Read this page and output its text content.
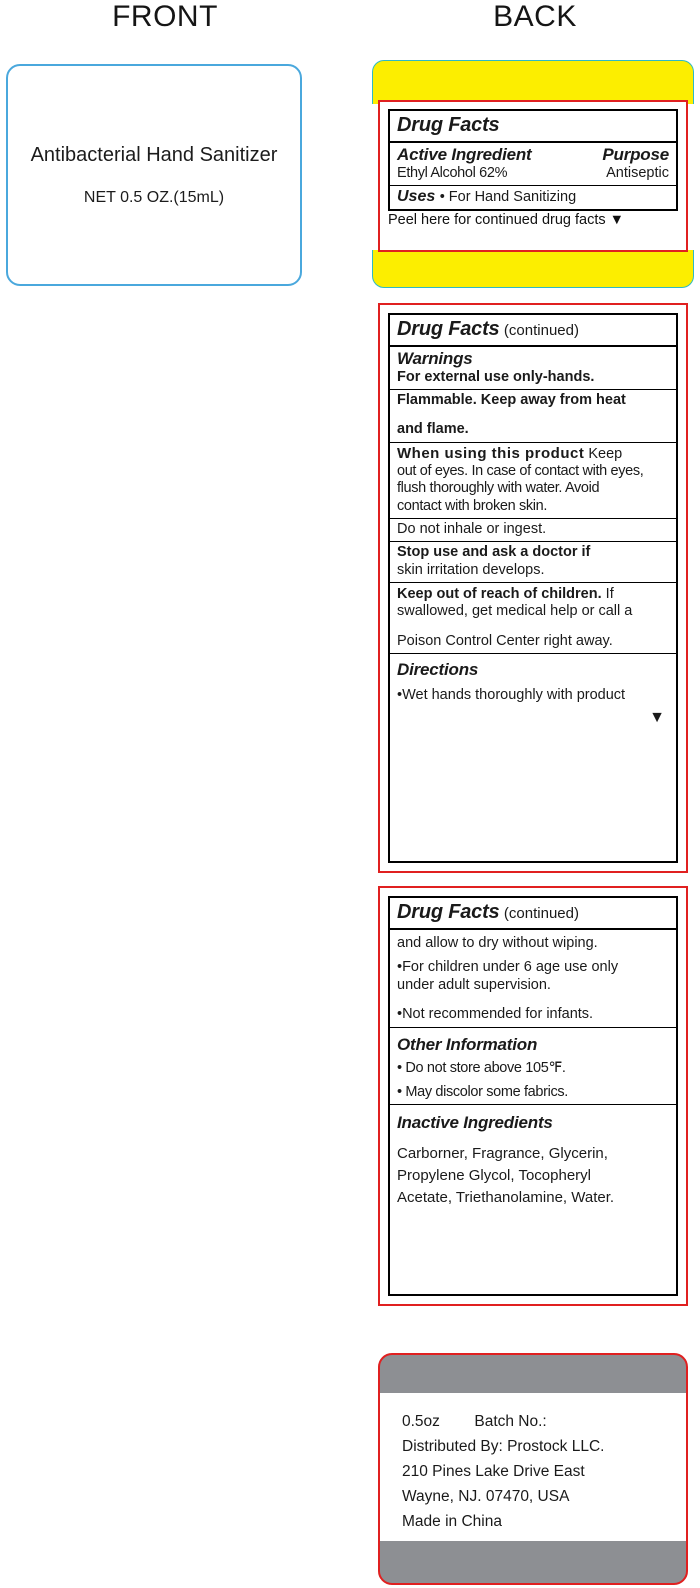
FRONT	BACK
Antibacterial Hand Sanitizer
NET 0.5 OZ.(15mL)
Drug Facts
Active Ingredient	Purpose
Ethyl Alcohol 62%	Antiseptic
Uses • For Hand Sanitizing
Peel here for continued drug facts ▼
Drug Facts (continued)
Warnings
For external use only-hands.
Flammable. Keep away from heat
and flame.
When using this product Keep
out of eyes. In case of contact with eyes,
flush thoroughly with water. Avoid
contact with broken skin.
Do not inhale or ingest.
Stop use and ask a doctor if
skin irritation develops.
Keep out of reach of children. If
swallowed, get medical help or call a
Poison Control Center right away.
Directions
•Wet hands thoroughly with product
▼
Drug Facts (continued)
and allow to dry without wiping.
•For children under 6 age use only
under adult supervision.
•Not recommended for infants.
Other Information
• Do not store above 105℉.
• May discolor some fabrics.
Inactive Ingredients
Carborner, Fragrance, Glycerin,
Propylene Glycol, Tocopheryl
Acetate, Triethanolamine, Water.
0.5oz        Batch No.:
Distributed By: Prostock LLC.
210 Pines Lake Drive East
Wayne, NJ. 07470, USA
Made in China
